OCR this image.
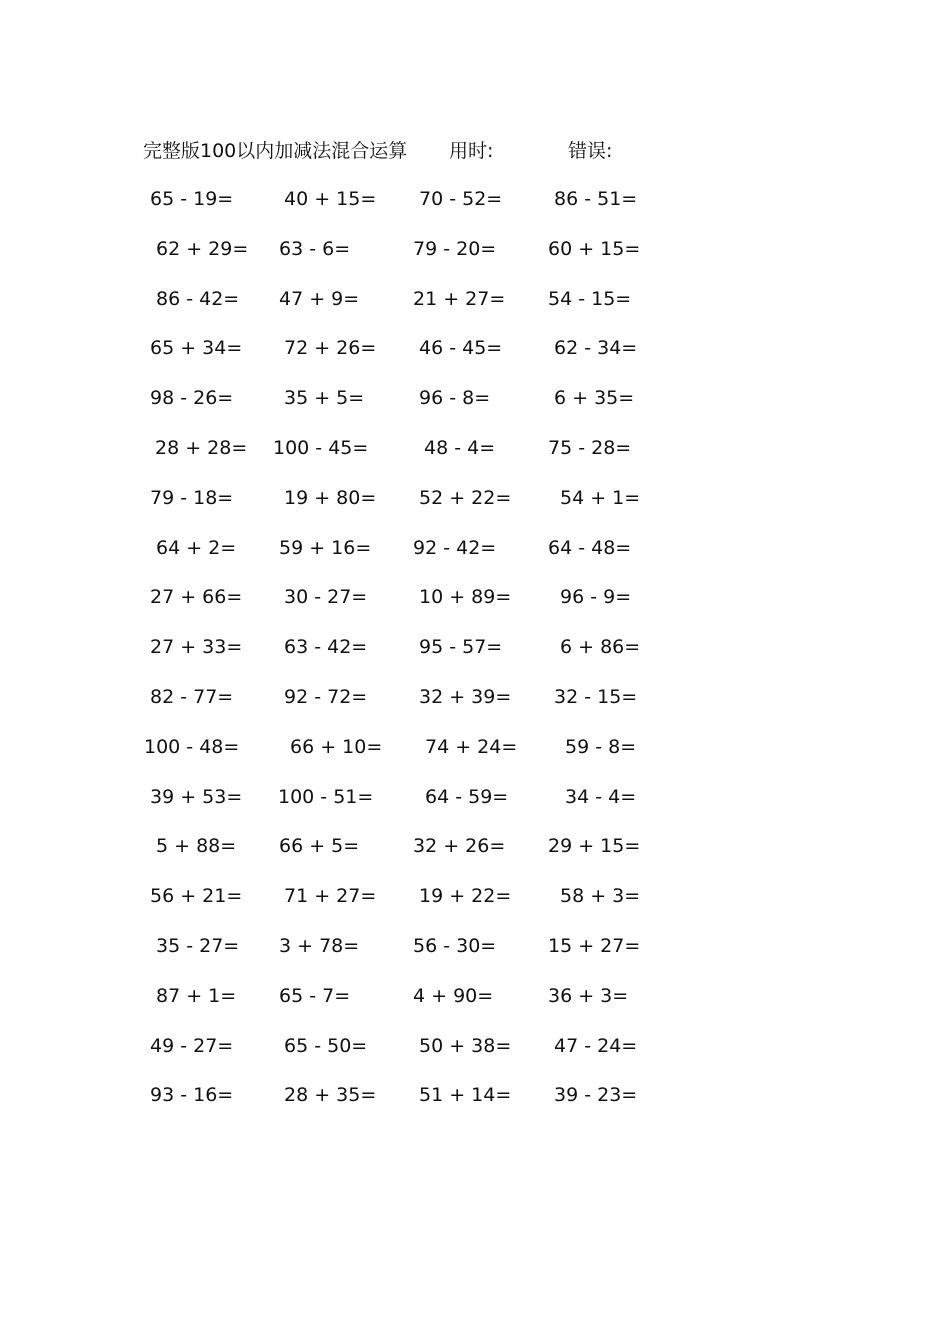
完整版100以内加减法混合运算 用时:	错误:
65 - 19=	40 + 15= 70 - 52=	86 - 51=
62 + 29= 63 - 6=	79 - 20=	60 + 15=
86 - 42= 47 + 9=	21 + 27= 54 - 15=
65 + 34= 72 + 26= 46 - 45=	62 - 34=
98 - 26=	35 + 5=	96 - 8=	6 + 35=
28 + 28= 100 - 45=	48 - 4=	75 - 28=
79 - 18=	19 + 80= 52 + 22=	54 + 1=
64 + 2= 59 + 16= 92 - 42=	64 - 48=
27 + 66= 30 - 27=	10 + 89=	96 - 9=
27 + 33= 63 - 42=	95 - 57=	6 + 86=
82 - 77=	92 - 72=	32 + 39= 32 - 15=
100 - 48=	66 + 10= 74 + 24=	59 - 8=
39 + 53= 100 - 51=	64 - 59=	34 - 4=
5 + 88= 66 + 5=	32 + 26= 29 + 15=
56 + 21= 71 + 27= 19 + 22=	58 + 3=
35 - 27= 3 + 78=	56 - 30=	15 + 27=
87 + 1= 65 - 7=	4 + 90=	36 + 3=
49 - 27=	65 - 50=	50 + 38= 47 - 24=
93 - 16=	28 + 35= 51 + 14= 39 - 23=
